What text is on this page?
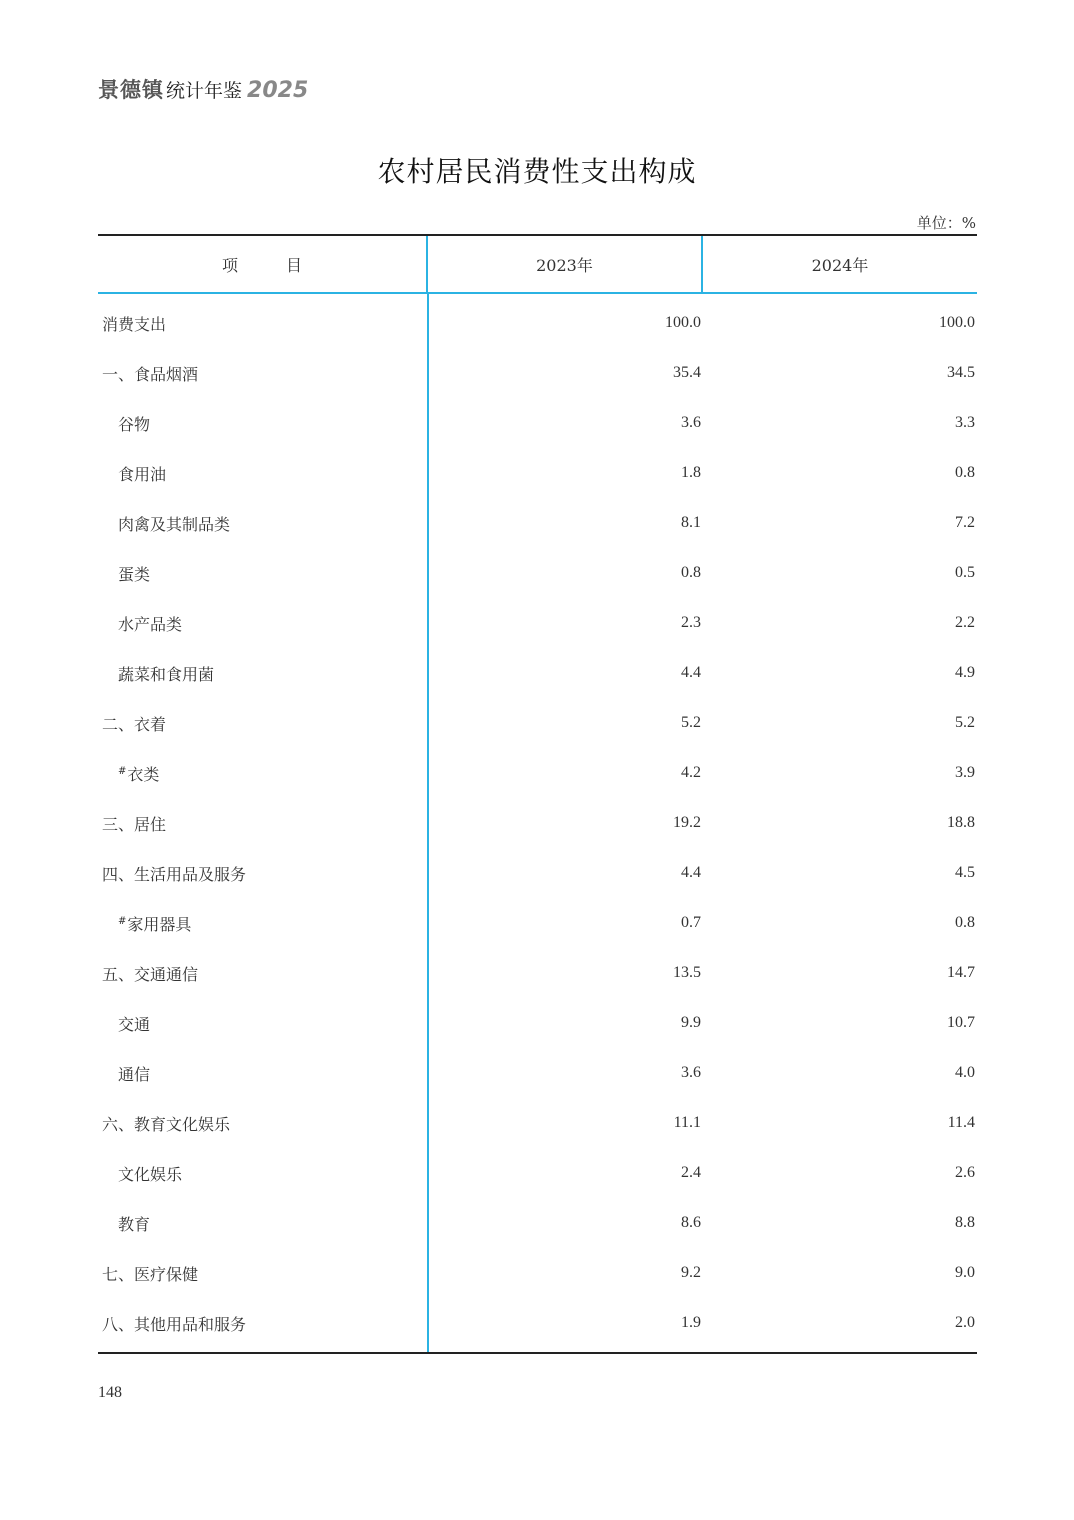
景德镇 统计年鉴 2025
农村居民消费性支出构成
单位：%
项　　　目	2023年	2024年
消费支出	100.0	100.0
一、食品烟酒	35.4	34.5
谷物	3.6	3.3
食用油	1.8	0.8
肉禽及其制品类	8.1	7.2
蛋类	0.8	0.5
水产品类	2.3	2.2
蔬菜和食用菌	4.4	4.9
二、衣着	5.2	5.2
#衣类	4.2	3.9
三、居住	19.2	18.8
四、生活用品及服务	4.4	4.5
#家用器具	0.7	0.8
五、交通通信	13.5	14.7
交通	9.9	10.7
通信	3.6	4.0
六、教育文化娱乐	11.1	11.4
文化娱乐	2.4	2.6
教育	8.6	8.8
七、医疗保健	9.2	9.0
八、其他用品和服务	1.9	2.0
148
